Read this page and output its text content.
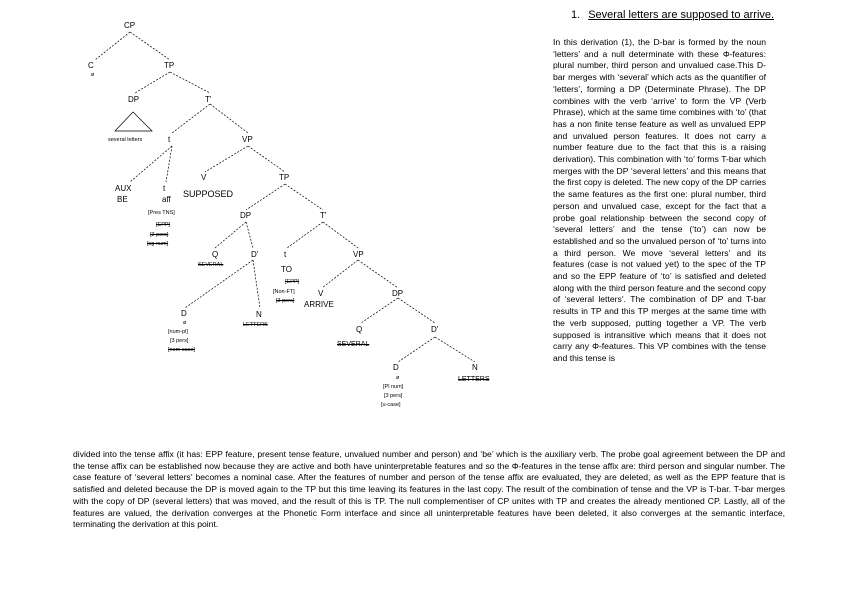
CP
C
ø
TP
DP	T'
several letters	t	VP
V	TP
AUX
BE
t
aff
SUPPOSED
[Pres TNS]
[EPP]
[3 pers]
[sg num]
DP	T'
Q
SEVERAL
D'	t
TO
[EPP]
[Non-FT]
[3 pers]
VP
V
ARRIVE
D
ø
[num-pl]
[3 pers]
[nom case]
N
LETTERS
DP
Q
SEVERAL
D'
D
ø
[Pl num]
[3 pers]
[u-case]
N
LETTERS
1. Several letters are supposed to arrive.
In this derivation (1), the D-bar is formed by the noun ‘letters’ and a null determinate with these Φ-features: plural number, third person and unvalued case.This D-bar merges with ‘several’ which acts as the quantifier of ‘letters’, forming a DP (Determinate Phrase). The DP combines with the verb ‘arrive’ to form the VP (Verb Phrase), which at the same time combines with ‘to’ (that has a non finite tense feature as well as unvalued EPP and unvalued person features. It does not carry a number feature due to the fact that this is a raising derivation). This combination with ‘to’ forms T-bar which merges with the DP ‘several letters’ and this means that the first copy is deleted. The new copy of the DP carries the same features as the first one: plural number, third person and unvalued case, except for the fact that a probe goal relationship between the second copy of ‘several letters’ and the tense (‘to’) can now be established and so the unvalued person of ‘to’ turns into a third person. We move ‘several letters’ and its features (case is not valued yet) to the spec of the TP and so the EPP feature of ‘to’ is satisfied and deleted along with the third person feature and the second copy of ‘several letters’. The combination of DP and T-bar results in TP and this TP merges at the same time with the verb supposed, putting together a VP. The verb supposed is intransitive which means that it does not carry any Φ-features. This VP combines with the tense and this tense is
divided into the tense affix (it has: EPP feature, present tense feature, unvalued number and person) and ‘be’ which is the auxiliary verb. The probe goal agreement between the DP and the tense affix can be established now because they are active and both have uninterpretable features and so the Φ-features in the tense affix are: third person and singular number. The case feature of ‘several letters’ becomes a nominal case. After the features of number and person of the tense affix are evaluated, they are deleted, as well as the EPP feature that is satisfied and deleted because the DP is moved again to the TP but this time leaving its features in the last copy. The result of the combination of tense and the VP is T-bar. T-bar merges with the copy of DP (several letters) that was moved, and the result of this is TP. The null complementiser of CP unites with TP and creates the already mentioned CP. Lastly, all of the features are valued, the derivation converges at the Phonetic Form interface and since all uninterpretable features have been deleted, it also converges at the semantic interface, terminating the derivation at this point.
